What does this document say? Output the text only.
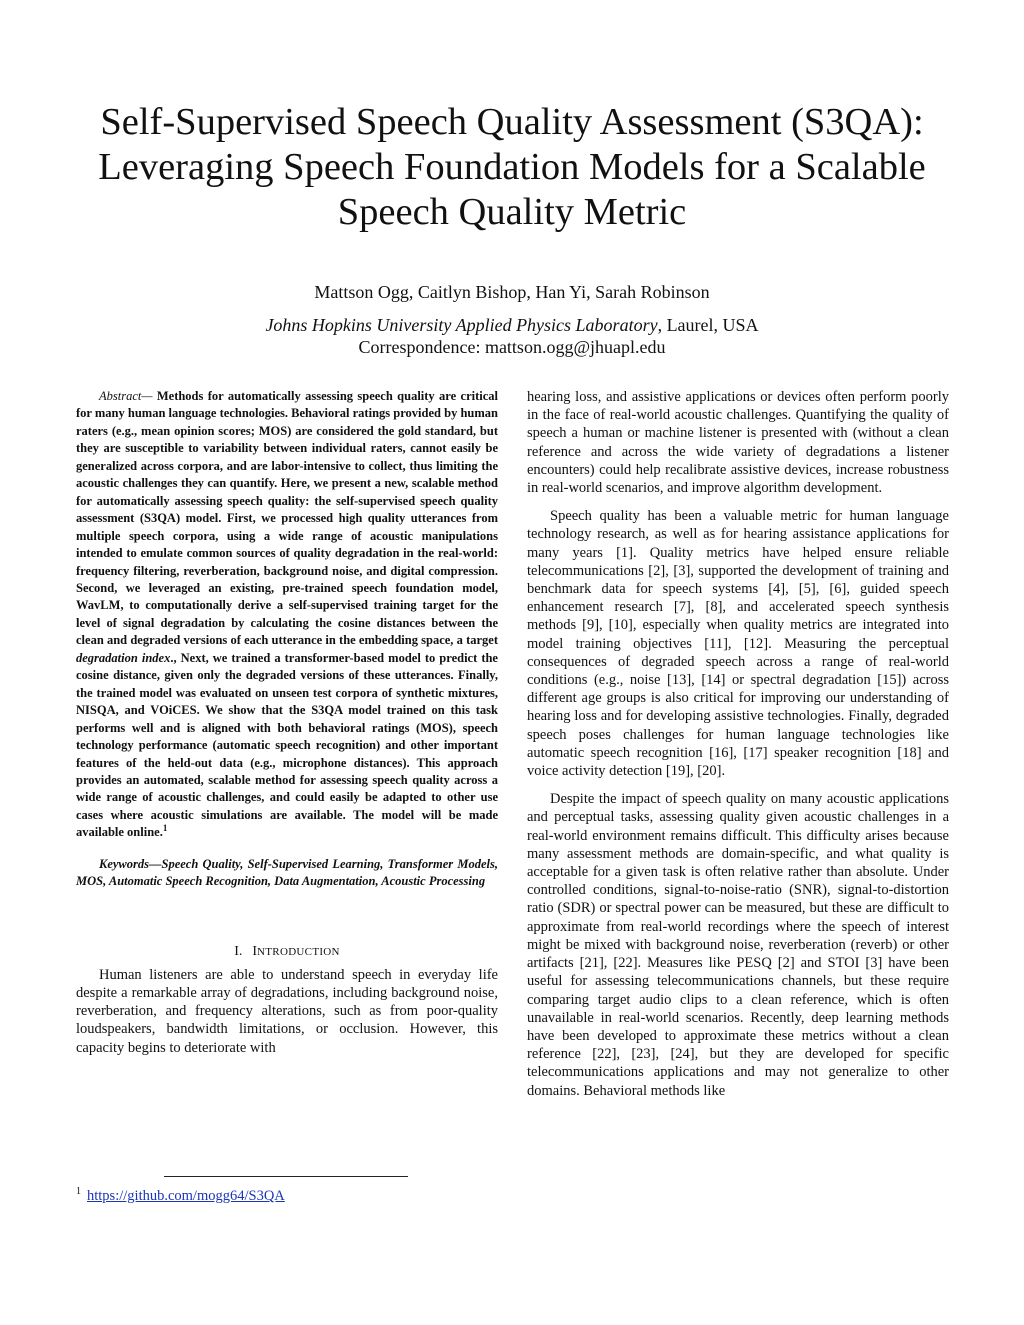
Self-Supervised Speech Quality Assessment (S3QA):
Leveraging Speech Foundation Models for a Scalable
Speech Quality Metric
Mattson Ogg, Caitlyn Bishop, Han Yi, Sarah Robinson
Johns Hopkins University Applied Physics Laboratory, Laurel, USA
Correspondence: mattson.ogg@jhuapl.edu

Abstract— Methods for automatically assessing speech quality are critical for many human language technologies. Behavioral ratings provided by human raters (e.g., mean opinion scores; MOS) are considered the gold standard, but they are susceptible to variability between individual raters, cannot easily be generalized across corpora, and are labor-intensive to collect, thus limiting the acoustic challenges they can quantify. Here, we present a new, scalable method for automatically assessing speech quality: the self-supervised speech quality assessment (S3QA) model. First, we processed high quality utterances from multiple speech corpora, using a wide range of acoustic manipulations intended to emulate common sources of quality degradation in the real-world: frequency filtering, reverberation, background noise, and digital compression. Second, we leveraged an existing, pre-trained speech foundation model, WavLM, to computationally derive a self-supervised training target for the level of signal degradation by calculating the cosine distances between the clean and degraded versions of each utterance in the embedding space, a target degradation index., Next, we trained a transformer-based model to predict the cosine distance, given only the degraded versions of these utterances. Finally, the trained model was evaluated on unseen test corpora of synthetic mixtures, NISQA, and VOiCES. We show that the S3QA model trained on this task performs well and is aligned with both behavioral ratings (MOS), speech technology performance (automatic speech recognition) and other important features of the held-out data (e.g., microphone distances). This approach provides an automated, scalable method for assessing speech quality across a wide range of acoustic challenges, and could easily be adapted to other use cases where acoustic simulations are available. The model will be made available online.$^1$

Keywords—Speech Quality, Self-Supervised Learning, Transformer Models, MOS, Automatic Speech Recognition, Data Augmentation, Acoustic Processing

I. INTRODUCTION

Human listeners are able to understand speech in everyday life despite a remarkable array of degradations, including background noise, reverberation, and frequency alterations, such as from poor-quality loudspeakers, bandwidth limitations, or occlusion. However, this capacity begins to deteriorate with

hearing loss, and assistive applications or devices often perform poorly in the face of real-world acoustic challenges. Quantifying the quality of speech a human or machine listener is presented with (without a clean reference and across the wide variety of degradations a listener encounters) could help recalibrate assistive devices, increase robustness in real-world scenarios, and improve algorithm development.

Speech quality has been a valuable metric for human language technology research, as well as for hearing assistance applications for many years [1]. Quality metrics have helped ensure reliable telecommunications [2], [3], supported the development of training and benchmark data for speech systems [4], [5], [6], guided speech enhancement research [7], [8], and accelerated speech synthesis methods [9], [10], especially when quality metrics are integrated into model training objectives [11], [12]. Measuring the perceptual consequences of degraded speech across a range of real-world conditions (e.g., noise [13], [14] or spectral degradation [15]) across different age groups is also critical for improving our understanding of hearing loss and for developing assistive technologies. Finally, degraded speech poses challenges for human language technologies like automatic speech recognition [16], [17] speaker recognition [18] and voice activity detection [19], [20].

Despite the impact of speech quality on many acoustic applications and perceptual tasks, assessing quality given acoustic challenges in a real-world environment remains difficult. This difficulty arises because many assessment methods are domain-specific, and what quality is acceptable for a given task is often relative rather than absolute. Under controlled conditions, signal-to-noise-ratio (SNR), signal-to-distortion ratio (SDR) or spectral power can be measured, but these are difficult to approximate from real-world recordings where the speech of interest might be mixed with background noise, reverberation (reverb) or other artifacts [21], [22]. Measures like PESQ [2] and STOI [3] have been useful for assessing telecommunications channels, but these require comparing target audio clips to a clean reference, which is often unavailable in real-world scenarios. Recently, deep learning methods have been developed to approximate these metrics without a clean reference [22], [23], [24], but they are developed for specific telecommunications applications and may not generalize to other domains. Behavioral methods like

$^1$ https://github.com/mogg64/S3QA
